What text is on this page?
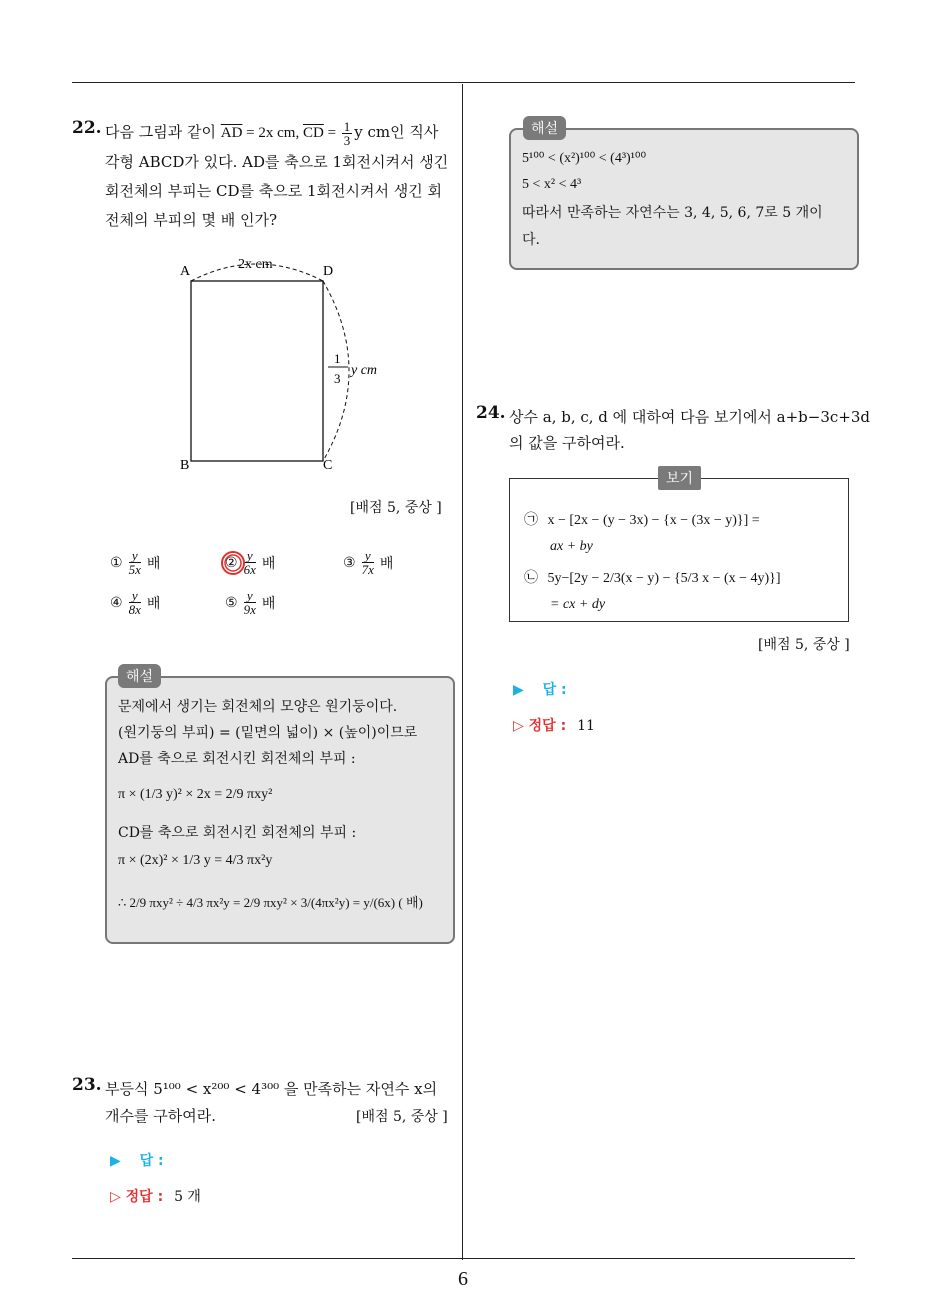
22. 다음 그림과 같이 $\overline{AD} = 2x$ cm, $\overline{CD} = \frac{1}{3}$ y cm인 직사
각형 ABCD가 있다. AD를 축으로 1회전시켜서 생긴
회전체의 부피는 CD를 축으로 1회전시켜서 생긴 회
전체의 부피의 몇 배 인가?
A	D
B	C
2x cm
1
3
y cm
[배점 5, 중상 ]
① $\frac{y}{5x}$ 배	② $\frac{y}{6x}$ 배	③ $\frac{y}{7x}$ 배
④ $\frac{y}{8x}$ 배	⑤ $\frac{y}{9x}$ 배
해설
문제에서 생기는 회전체의 모양은 원기둥이다.
(원기둥의 부피) = (밑면의 넓이) × (높이)이므로
AD를 축으로 회전시킨 회전체의 부피 :
π × (1/3 y)² × 2x = 2/9 πxy²
CD를 축으로 회전시킨 회전체의 부피 :
π × (2x)² × 1/3 y = 4/3 πx²y
∴ 2/9 πxy² ÷ 4/3 πx²y = 2/9 πxy² × 3/(4πx²y) = y/(6x) ( 배)
23. 부등식 5¹⁰⁰ < x²⁰⁰ < 4³⁰⁰ 을 만족하는 자연수 x의
개수를 구하여라.	[배점 5, 중상 ]
▶ 답 :
▷ 정답 : 5 개
해설
5¹⁰⁰ < (x²)¹⁰⁰ < (4³)¹⁰⁰
5 < x² < 4³
따라서 만족하는 자연수는 3, 4, 5, 6, 7로 5 개이
다.
24. 상수 a, b, c, d 에 대하여 다음 보기에서 a+b−3c+3d
의 값을 구하여라.
보기
㉠ x − [2x − (y − 3x) − {x − (3x − y)}] =
ax + by
㉡ 5y−[2y − 2/3(x − y) − {5/3 x − (x − 4y)}]
= cx + dy
[배점 5, 중상 ]
▶ 답 :
▷ 정답 : 11
6
